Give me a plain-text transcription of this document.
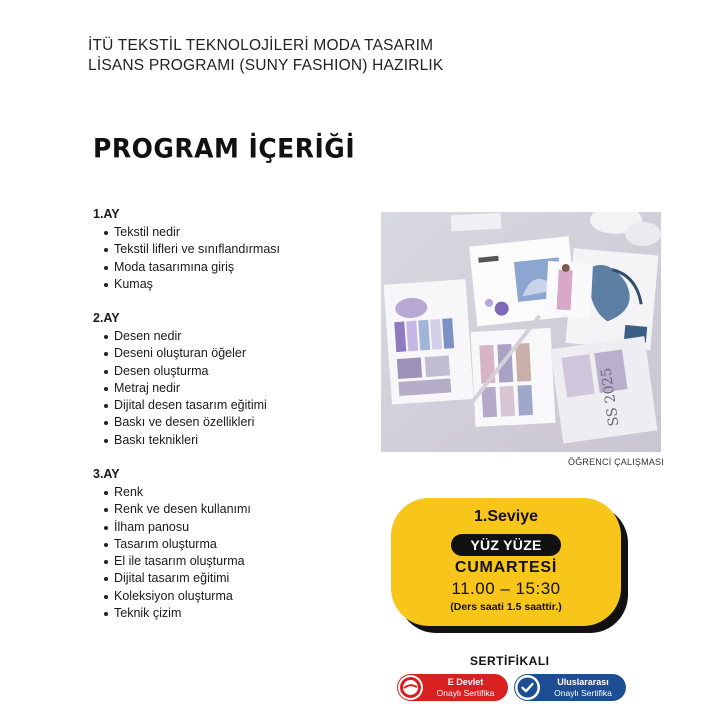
İTÜ TEKSTİL TEKNOLOJİLERİ MODA TASARIM
LİSANS PROGRAMI (SUNY FASHION) HAZIRLIK
PROGRAM İÇERİĞİ
1.AY
Tekstil nedir
Tekstil lifleri ve sınıflandırması
Moda tasarımına giriş
Kumaş
2.AY
Desen nedir
Deseni oluşturan öğeler
Desen oluşturma
Metraj nedir
Dijital desen tasarım eğitimi
Baskı ve desen özellikleri
Baskı teknikleri
3.AY
Renk
Renk ve desen kullanımı
İlham panosu
Tasarım oluşturma
El ile tasarım oluşturma
Dijital tasarım eğitimi
Koleksiyon oluşturma
Teknik çizim
SS 2025
ÖĞRENCİ ÇALIŞMASI
1.Seviye
YÜZ YÜZE
CUMARTESİ
11.00 – 15:30
(Ders saati 1.5 saattir.)
SERTİFİKALI
E Devlet
Onaylı Sertifika
Uluslararası
Onaylı Sertifika
